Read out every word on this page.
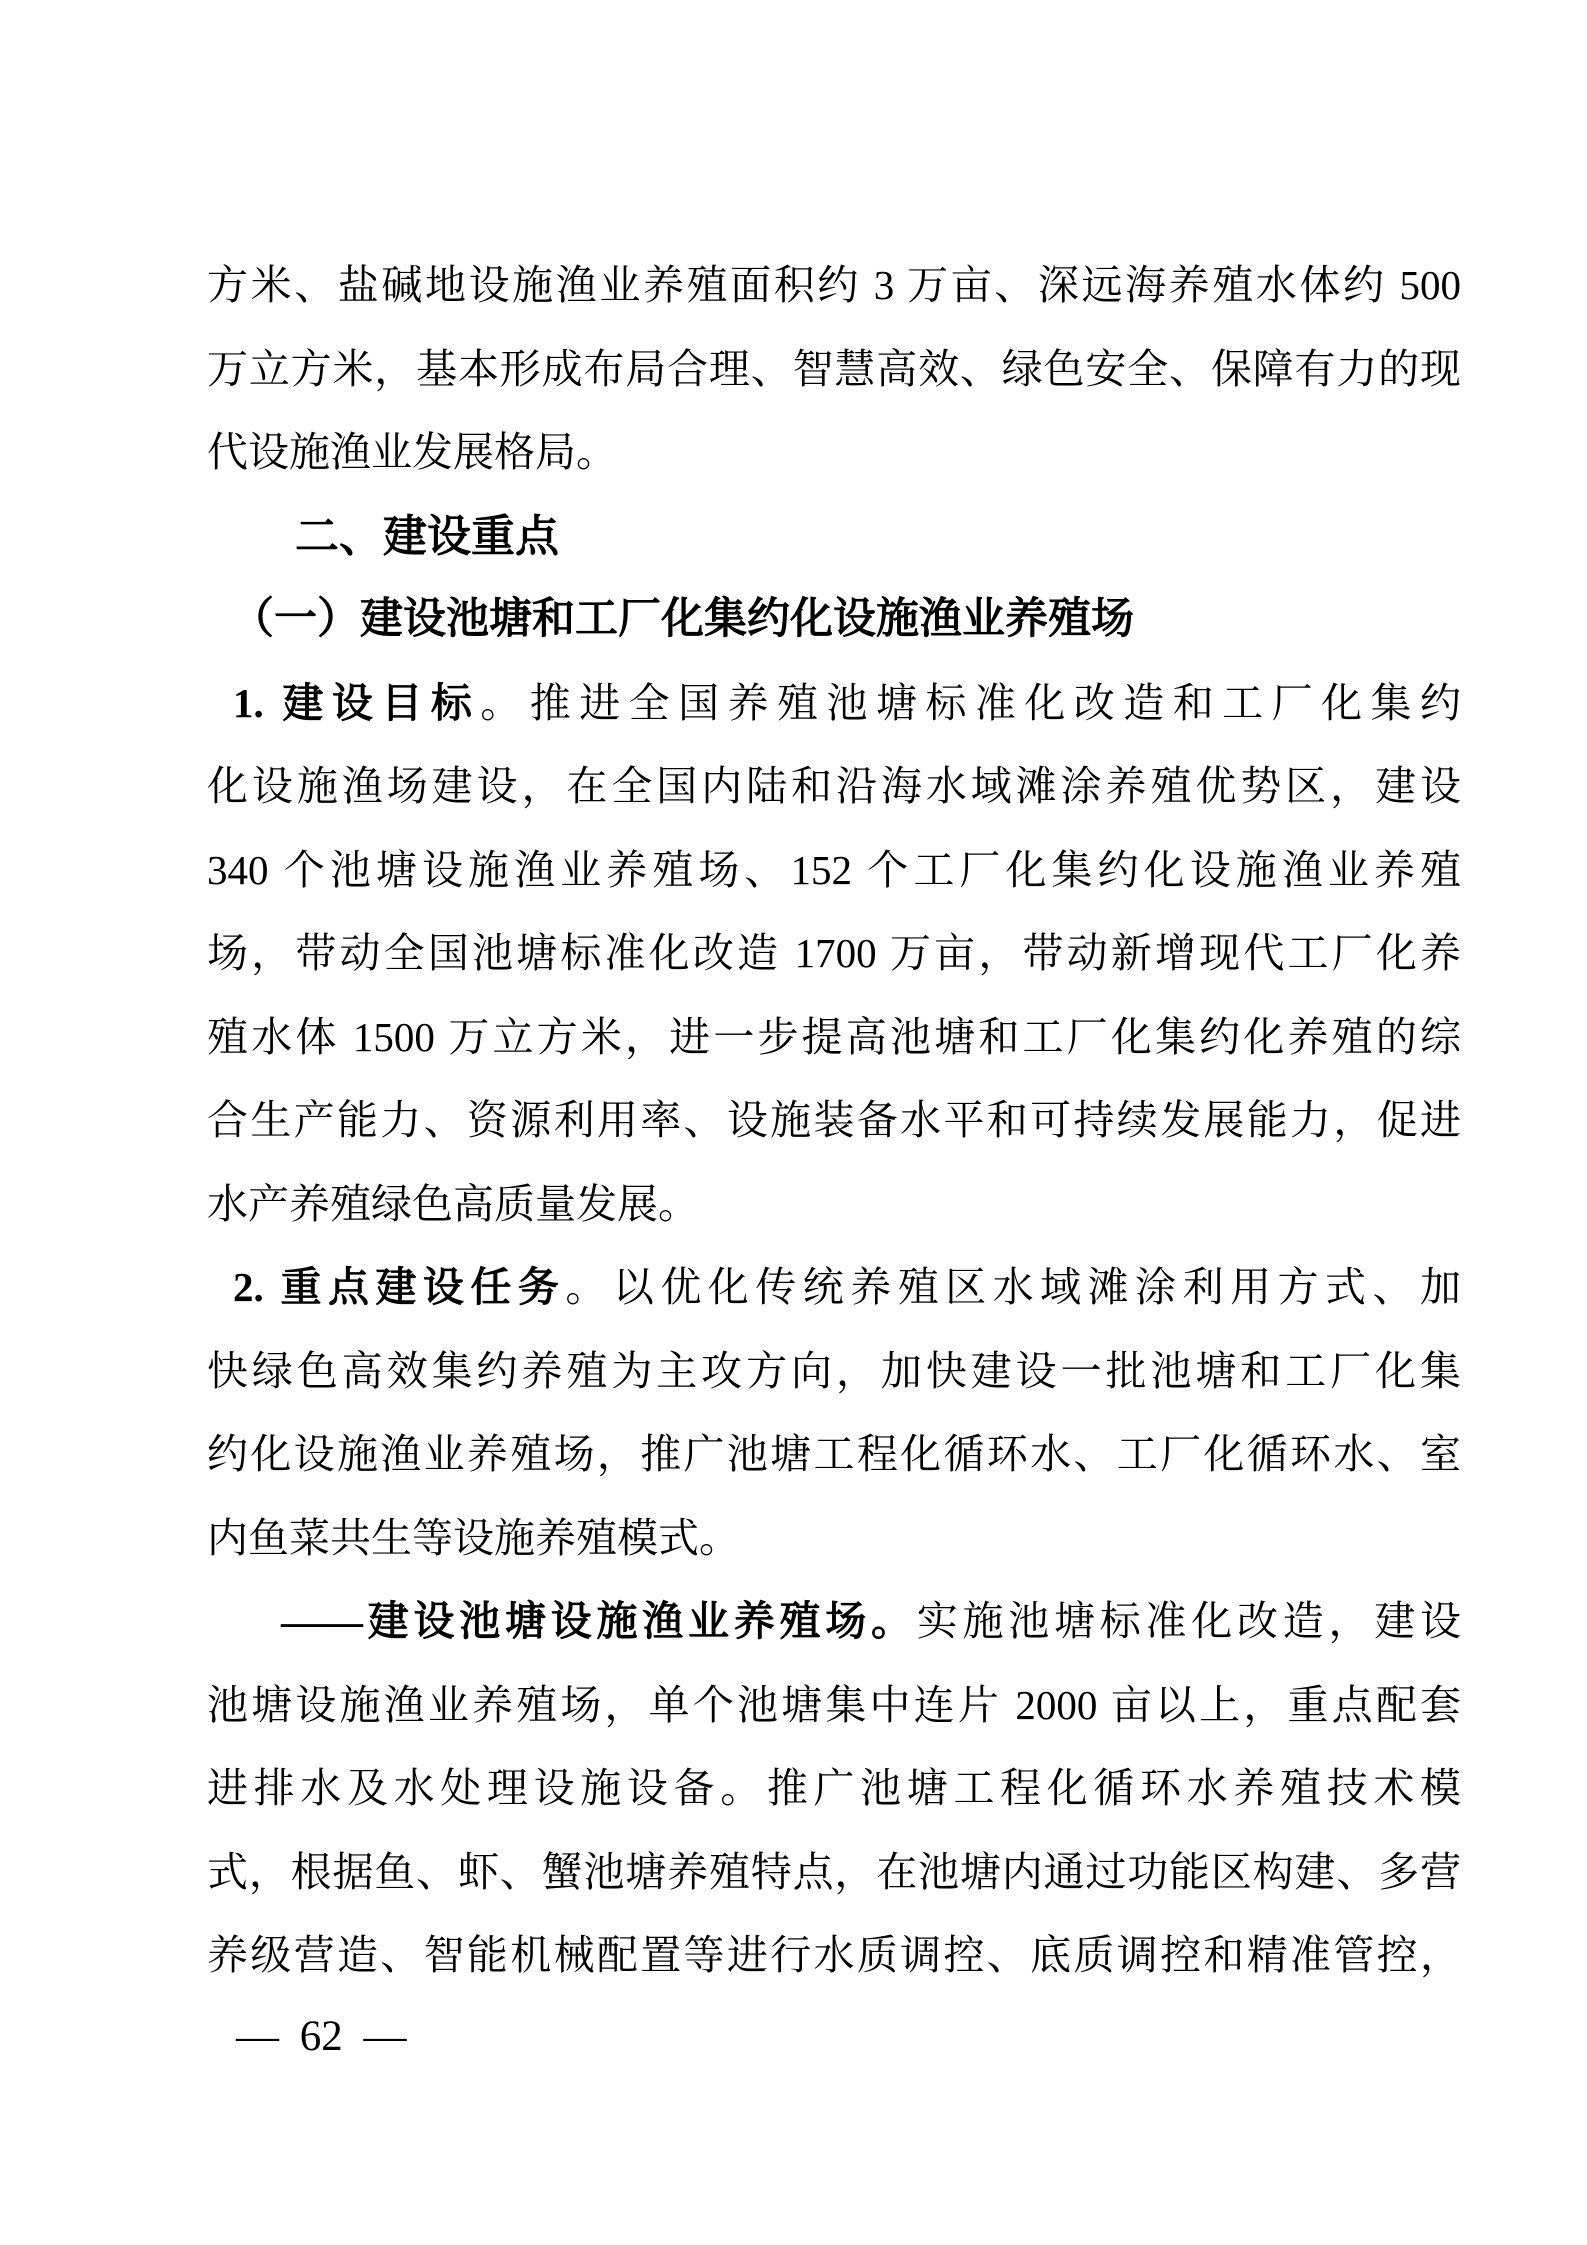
方米、盐碱地设施渔业养殖面积约 3 万亩、深远海养殖水体约 500
万立方米，基本形成布局合理、智慧高效、绿色安全、保障有力的现
代设施渔业发展格局。
二、建设重点
（一）建设池塘和工厂化集约化设施渔业养殖场
1. 建设目标。推进全国养殖池塘标准化改造和工厂化集约
化设施渔场建设，在全国内陆和沿海水域滩涂养殖优势区，建设
340 个池塘设施渔业养殖场、152 个工厂化集约化设施渔业养殖
场，带动全国池塘标准化改造 1700 万亩，带动新增现代工厂化养
殖水体 1500 万立方米，进一步提高池塘和工厂化集约化养殖的综
合生产能力、资源利用率、设施装备水平和可持续发展能力，促进
水产养殖绿色高质量发展。
2. 重点建设任务。以优化传统养殖区水域滩涂利用方式、加
快绿色高效集约养殖为主攻方向，加快建设一批池塘和工厂化集
约化设施渔业养殖场，推广池塘工程化循环水、工厂化循环水、室
内鱼菜共生等设施养殖模式。
——建设池塘设施渔业养殖场。实施池塘标准化改造，建设
池塘设施渔业养殖场，单个池塘集中连片 2000 亩以上，重点配套
进排水及水处理设施设备。推广池塘工程化循环水养殖技术模
式，根据鱼、虾、蟹池塘养殖特点，在池塘内通过功能区构建、多营
养级营造、智能机械配置等进行水质调控、底质调控和精准管控，
— 62 —
